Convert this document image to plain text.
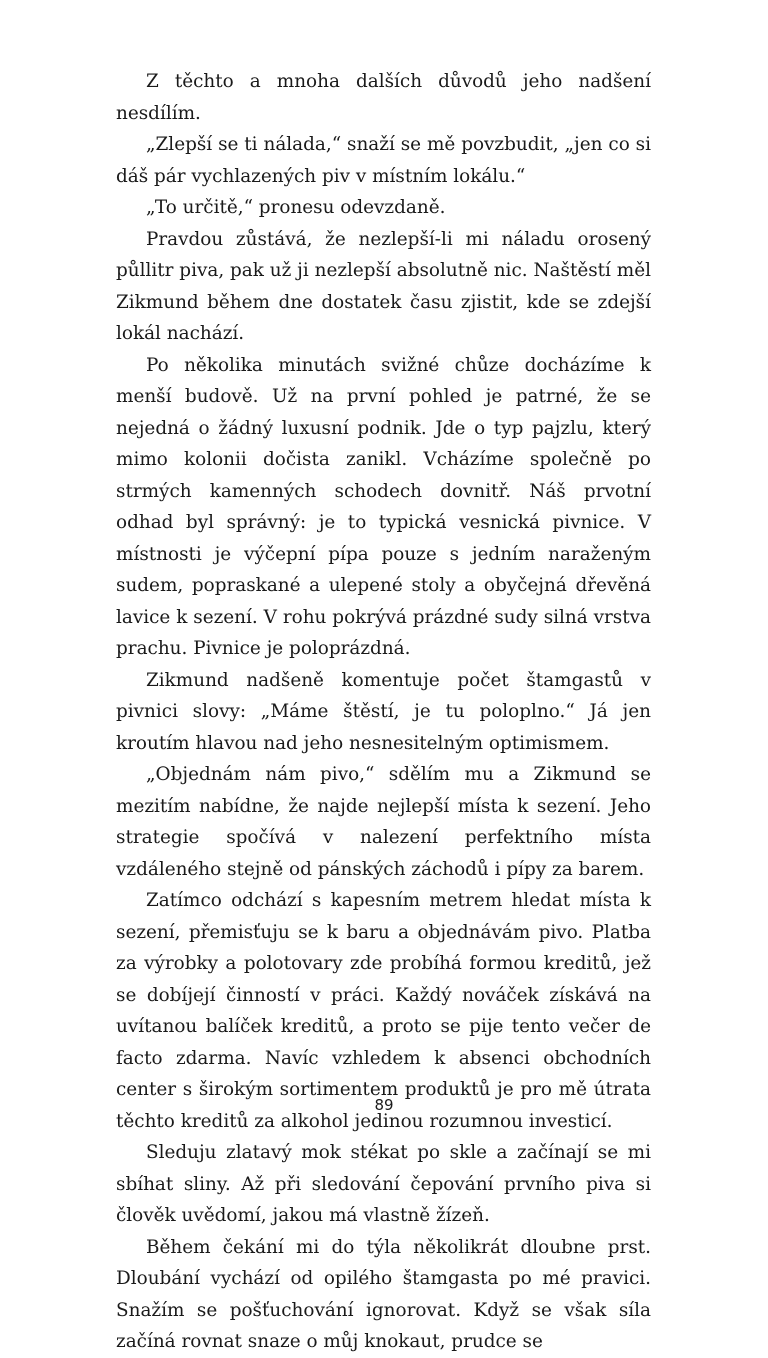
Z těchto a mnoha dalších důvodů jeho nadšení nesdílím.

„Zlepší se ti nálada,“ snaží se mě povzbudit, „jen co si dáš pár vychlazených piv v místním lokálu.“

„To určitě,“ pronesu odevzdaně.

Pravdou zůstává, že nezlepší-li mi náladu orosený půllitr piva, pak už ji nezlepší absolutně nic. Naštěstí měl Zikmund během dne dostatek času zjistit, kde se zdejší lokál nachází.

Po několika minutách svižné chůze docházíme k menší budově. Už na první pohled je patrné, že se nejedná o žádný luxusní podnik. Jde o typ pajzlu, který mimo kolonii dočista zanikl. Vcházíme společně po strmých kamenných schodech dovnitř. Náš prvotní odhad byl správný: je to typická vesnická pivnice. V místnosti je výčepní pípa pouze s jedním naraženým sudem, popraskané a ulepené stoly a obyčejná dřevěná lavice k sezení. V rohu pokrývá prázdné sudy silná vrstva prachu. Pivnice je poloprázdná.

Zikmund nadšeně komentuje počet štamgastů v pivnici slovy: „Máme štěstí, je tu poloplno.“ Já jen kroutím hlavou nad jeho nesnesitelným optimismem.

„Objednám nám pivo,“ sdělím mu a Zikmund se mezitím nabídne, že najde nejlepší místa k sezení. Jeho strategie spočívá v nalezení perfektního místa vzdáleného stejně od pánských záchodů i pípy za barem.

Zatímco odchází s kapesním metrem hledat místa k sezení, přemisťuju se k baru a objednávám pivo. Platba za výrobky a polotovary zde probíhá formou kreditů, jež se dobíjejí činností v práci. Každý nováček získává na uvítanou balíček kreditů, a proto se pije tento večer de facto zdarma. Navíc vzhledem k absenci obchodních center s širokým sortimentem produktů je pro mě útrata těchto kreditů za alkohol jedinou rozumnou investicí.

Sleduju zlatavý mok stékat po skle a začínají se mi sbíhat sliny. Až při sledování čepování prvního piva si člověk uvědomí, jakou má vlastně žízeň.

Během čekání mi do týla několikrát dloubne prst. Dloubání vychází od opilého štamgasta po mé pravici. Snažím se pošťuchování ignorovat. Když se však síla začíná rovnat snaze o můj knokaut, prudce se

89
